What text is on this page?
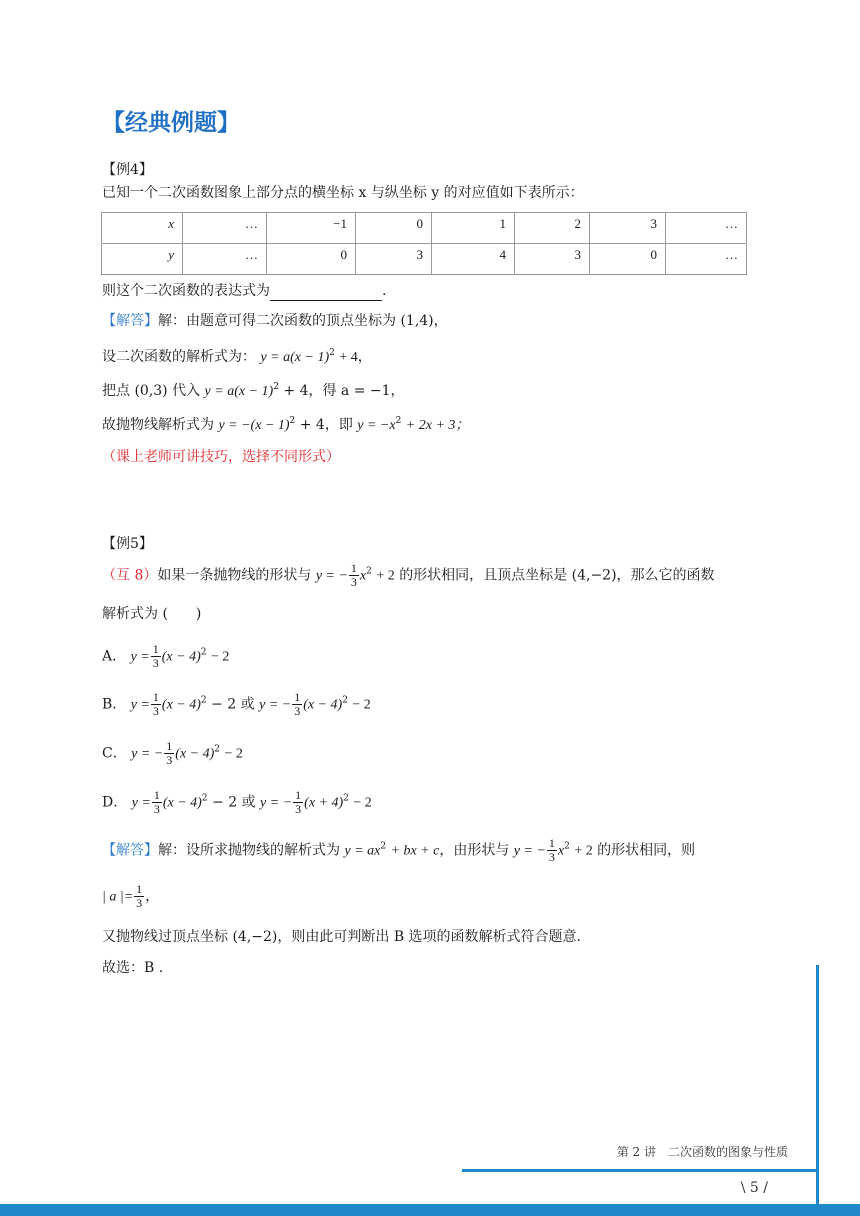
【经典例题】
【例4】
已知一个二次函数图象上部分点的横坐标 x 与纵坐标 y 的对应值如下表所示：
x	…	−1	0	1	2	3	…
y	…	0	3	4	3	0	…
则这个二次函数的表达式为	.
【解答】解：由题意可得二次函数的顶点坐标为 (1,4)，
设二次函数的解析式为： $y = a(x - 1)^2 + 4$，
把点 (0,3) 代入 $y = a(x - 1)^2 + 4$，得 a = −1，
故抛物线解析式为 $y = -(x - 1)^2 + 4$，即 $y = -x^2 + 2x + 3$；
（课上老师可讲技巧，选择不同形式）
【例5】
（互 8）如果一条抛物线的形状与 y = − $\frac{1}{3} x^2 + 2$ 的形状相同，且顶点坐标是 (4,−2)，那么它的函数
解析式为 (　　)
A． $y = \frac{1}{3} (x - 4)^2 - 2$
B． $y = \frac{1}{3} (x - 4)^2 - 2$ 或 y = − $\frac{1}{3} (x - 4)^2 - 2$
C． y = − $\frac{1}{3} (x - 4)^2 - 2$
D． $y = \frac{1}{3} (x - 4)^2 - 2$ 或 y = − $\frac{1}{3} (x + 4)^2 - 2$
【解答】解：设所求抛物线的解析式为 $y = ax^2$ + bx + c，由形状与 y = − $\frac{1}{3} x^2 + 2$ 的形状相同，则
| a |= $\frac{1}{3}$ ，
又抛物线过顶点坐标 (4,−2)，则由此可判断出 B 选项的函数解析式符合题意.
故选：B .
第 2 讲　二次函数的图象与性质
\ 5 /
